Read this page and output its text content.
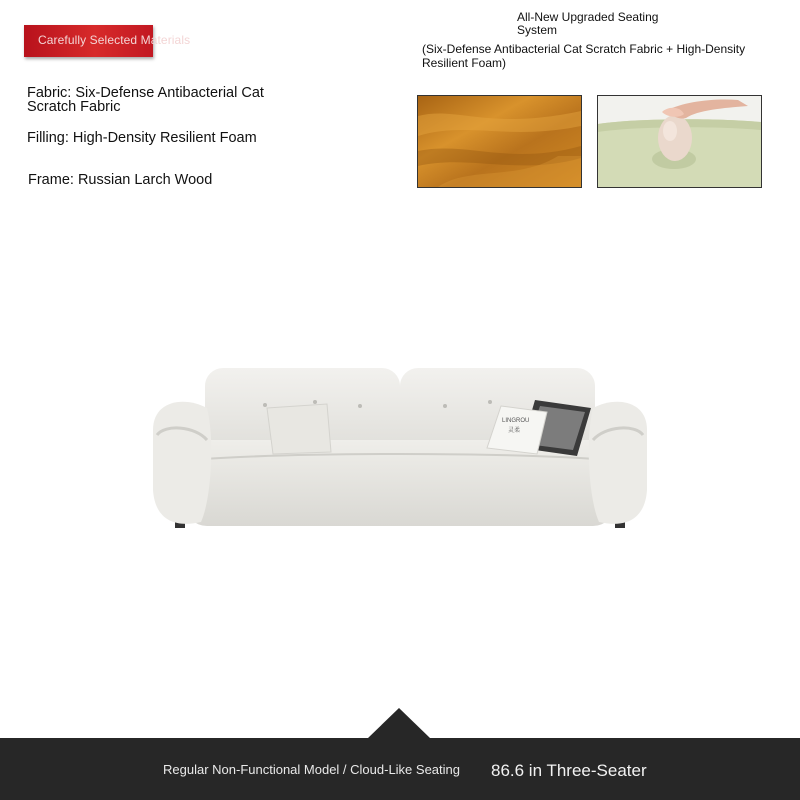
Carefully Selected Materials
Fabric: Six-Defense Antibacterial Cat Scratch Fabric
Filling: High-Density Resilient Foam
Frame: Russian Larch Wood
All-New Upgraded Seating System
(Six-Defense Antibacterial Cat Scratch Fabric + High-Density Resilient Foam)
LINGROU
灵柔
Regular Non-Functional Model / Cloud-Like Seating 86.6 in Three-Seater
